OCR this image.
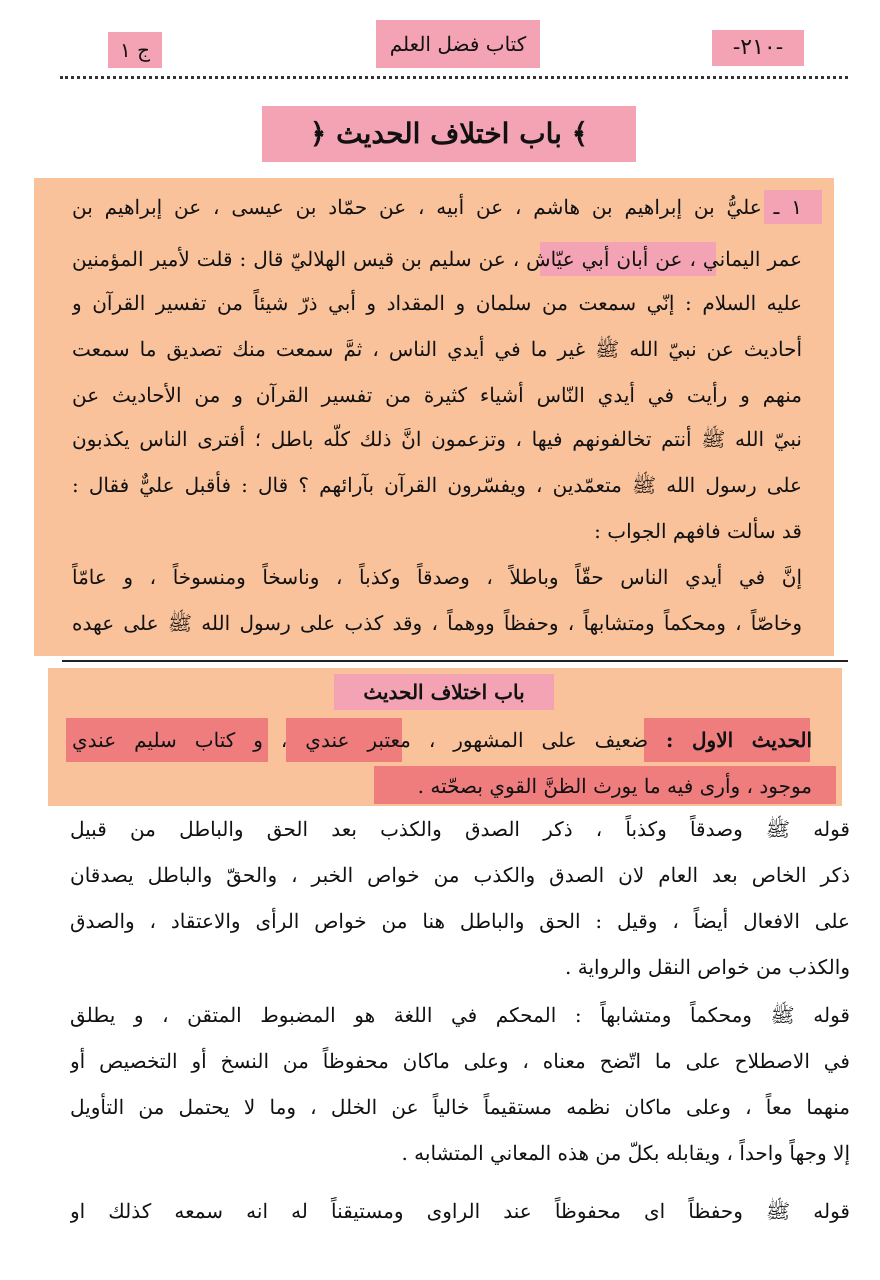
-٢١٠-
كتاب فضل العلم
ج ١
﴿ باب اختلاف الحديث ﴾
١ ـ عليُّ بن إبراهيم بن هاشم ، عن أبيه ، عن حمّاد بن عيسى ، عن إبراهيم بن
عمر اليماني ، عن أبان أبي عيّاش ، عن سليم بن قيس الهلاليّ قال : قلت لأمير المؤمنين
عليه السلام : إنّي سمعت من سلمان و المقداد و أبي ذرّ شيئاً من تفسير القرآن و
أحاديث عن نبيّ الله ﷺ غير ما في أيدي الناس ، ثمَّ سمعت منك تصديق ما سمعت
منهم و رأيت في أيدي النّاس أشياء كثيرة من تفسير القرآن و من الأحاديث عن
نبيّ الله ﷺ أنتم تخالفونهم فيها ، وتزعمون انَّ ذلك كلّه باطل ؛ أفترى الناس يكذبون
على رسول الله ﷺ متعمّدين ، ويفسّرون القرآن بآرائهم ؟ قال : فأقبل عليٌّ فقال :
قد سألت فافهم الجواب :
إنَّ في أيدي الناس حقّاً وباطلاً ، وصدقاً وكذباً ، وناسخاً ومنسوخاً ، و عامّاً
وخاصّاً ، ومحكماً ومتشابهاً ، وحفظاً ووهماً ، وقد كذب على رسول الله ﷺ على عهده
باب اختلاف الحديث
الحديث الاول : ضعيف على المشهور ، معتبر عندي ، و كتاب سليم عندي
موجود ، وأرى فيه ما يورث الظنَّ القوي بصحّته .
قوله ﷺ وصدقاً وكذباً ، ذكر الصدق والكذب بعد الحق والباطل من قبيل
ذكر الخاص بعد العام لان الصدق والكذب من خواص الخبر ، والحقّ والباطل يصدقان
على الافعال أيضاً ، وقيل : الحق والباطل هنا من خواص الرأى والاعتقاد ، والصدق
والكذب من خواص النقل والرواية .
قوله ﷺ ومحكماً ومتشابهاً : المحكم في اللغة هو المضبوط المتقن ، و يطلق
في الاصطلاح على ما اتّضح معناه ، وعلى ماكان محفوظاً من النسخ أو التخصيص أو
منهما معاً ، وعلى ماكان نظمه مستقيماً خالياً عن الخلل ، وما لا يحتمل من التأويل
إلا وجهاً واحداً ، ويقابله بكلّ من هذه المعاني المتشابه .
قوله ﷺ وحفظاً اى محفوظاً عند الراوى ومستيقناً له انه سمعه كذلك او
